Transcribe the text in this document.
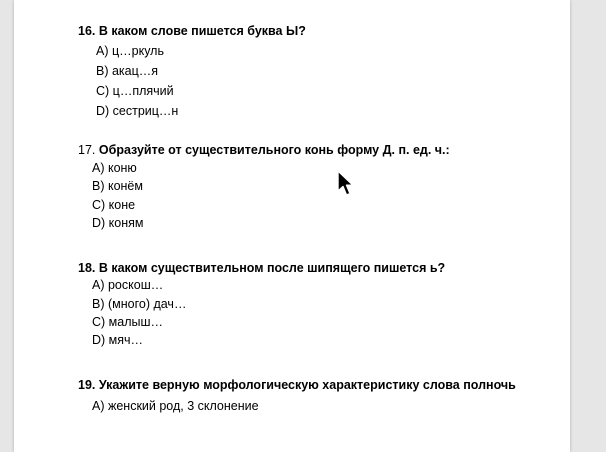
16. В каком слове пишется буква Ы?
А) ц…ркуль
В) акац…я
С) ц…плячий
D) сестриц…н
17. Образуйте от существительного конь форму Д. п. ед. ч.:
А) коню
В) конём
С) коне
D) коням
18. В каком существительном после шипящего пишется ь?
А) роскош…
В) (много) дач…
С) малыш…
D) мяч…
19. Укажите верную морфологическую характеристику слова полночь
А) женский род, 3 склонение
